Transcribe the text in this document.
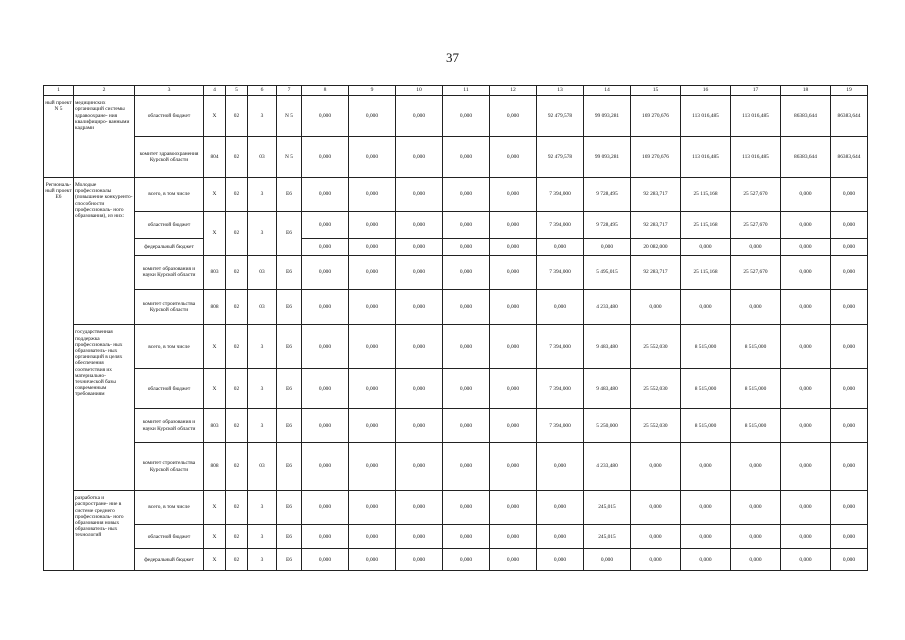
37
1	2	3	4	5	6	7	8	9	10	11	12	13	14	15	16	17	18	19
ный проект N 5	медицинских организаций системы здравоохране- ния квалифициро- ванными кадрами	областной бюджет	X	02	3	N 5	0,000	0,000	0,000	0,000	0,000	92 479,578	99 093,281	169 270,676	113 016,485	113 016,485	86383,644	86383,644
		комитет здравоохранения Курской области	804	02	03	N 5	0,000	0,000	0,000	0,000	0,000	92 479,578	99 093,281	169 270,676	113 016,485	113 016,485	86383,644	86383,644
Региональ- ный проект Е6	Молодые профессионалы (повышение конкуренто- способности профессиональ- ного образования), из них:	всего, в том числе	X	02	3	Е6	0,000	0,000	0,000	0,000	0,000	7 394,000	9 728,495	92 283,717	25 115,168	25 527,670	0,000	0,000
		областной бюджет	X	02	3	Е6	0,000	0,000	0,000	0,000	0,000	7 394,000	9 728,495	92 283,717	25 115,168	25 527,670	0,000	0,000
		федеральный бюджет					0,000	0,000	0,000	0,000	0,000	0,000	0,000	20 082,000	0,000	0,000	0,000	0,000
		комитет образования и науки Курской области	803	02	03	Е6	0,000	0,000	0,000	0,000	0,000	7 394,000	5 495,015	92 283,717	25 115,168	25 527,670	0,000	0,000
		комитет строительства Курской области	808	02	03	Е6	0,000	0,000	0,000	0,000	0,000	0,000	4 233,480	0,000	0,000	0,000	0,000	0,000
	государственная поддержка профессиональ- ных образователь- ных организаций в целях обеспечения соответствия их материально- технической базы современным требованиям	всего, в том числе	X	02	3	Е6	0,000	0,000	0,000	0,000	0,000	7 394,000	9 483,480	25 552,030	8 515,000	8 515,000	0,000	0,000
		областной бюджет	X	02	3	Е6	0,000	0,000	0,000	0,000	0,000	7 394,000	9 483,480	25 552,030	8 515,000	8 515,000	0,000	0,000
		комитет образования и науки Курской области	803	02	3	Е6	0,000	0,000	0,000	0,000	0,000	7 394,000	5 250,000	25 552,030	8 515,000	8 515,000	0,000	0,000
		комитет строительства Курской области	808	02	03	Е6	0,000	0,000	0,000	0,000	0,000	0,000	4 233,480	0,000	0,000	0,000	0,000	0,000
	разработка и распростране- ние в системе среднего профессиональ- ного образования новых образователь- ных технологий	всего, в том числе	X	02	3	Е6	0,000	0,000	0,000	0,000	0,000	0,000	245,015	0,000	0,000	0,000	0,000	0,000
		областной бюджет	X	02	3	Е6	0,000	0,000	0,000	0,000	0,000	0,000	245,015	0,000	0,000	0,000	0,000	0,000
		федеральный бюджет	X	02	3	Е6	0,000	0,000	0,000	0,000	0,000	0,000	0,000	0,000	0,000	0,000	0,000	0,000
